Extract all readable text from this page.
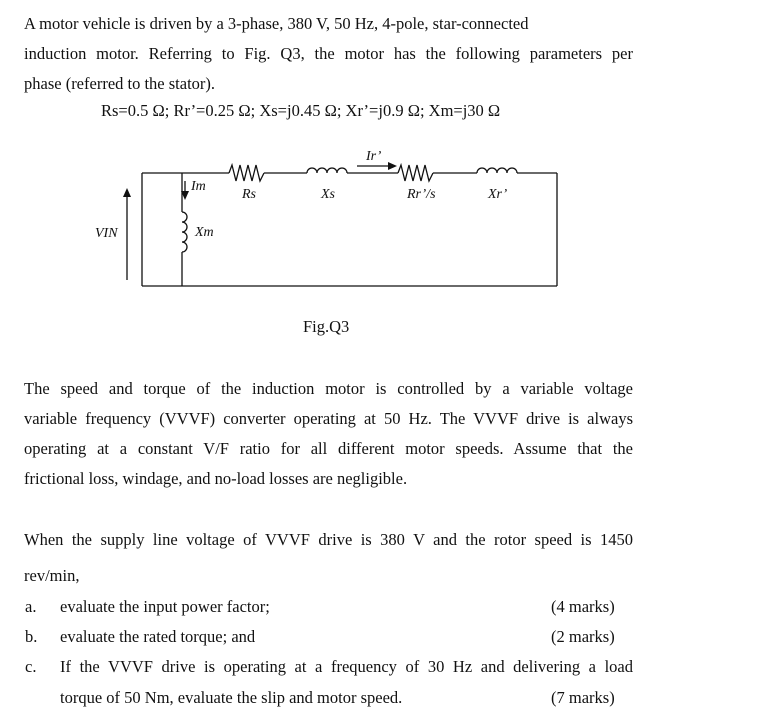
A motor vehicle is driven by a 3-phase, 380 V, 50 Hz, 4-pole, star-connected
induction motor. Referring to Fig. Q3, the motor has the following parameters per
phase (referred to the stator).
Rs=0.5 Ω; Rr’=0.25 Ω; Xs=j0.45 Ω; Xr’=j0.9 Ω; Xm=j30 Ω
VIN
Im
Xm
Rs	Xs
Ir’
Rr’/s	Xr’
Fig.Q3
The speed and torque of the induction motor is controlled by a variable voltage
variable frequency (VVVF) converter operating at 50 Hz. The VVVF drive is always
operating at a constant V/F ratio for all different motor speeds. Assume that the
frictional loss, windage, and no-load losses are negligible.
When the supply line voltage of VVVF drive is 380 V and the rotor speed is 1450
rev/min,
a. evaluate the input power factor;	(4 marks)
b. evaluate the rated torque; and	(2 marks)
c. If the VVVF drive is operating at a frequency of 30 Hz and delivering a load
torque of 50 Nm, evaluate the slip and motor speed.	(7 marks)
